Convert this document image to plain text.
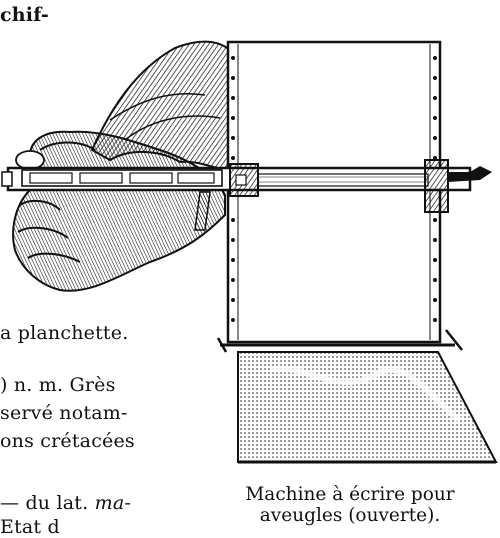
chif-
a planchette.
) n. m. Grès
servé notam-
ons crétacées
— du lat. ma-
Etat d
Machine à écrire pour
aveugles (ouverte).
